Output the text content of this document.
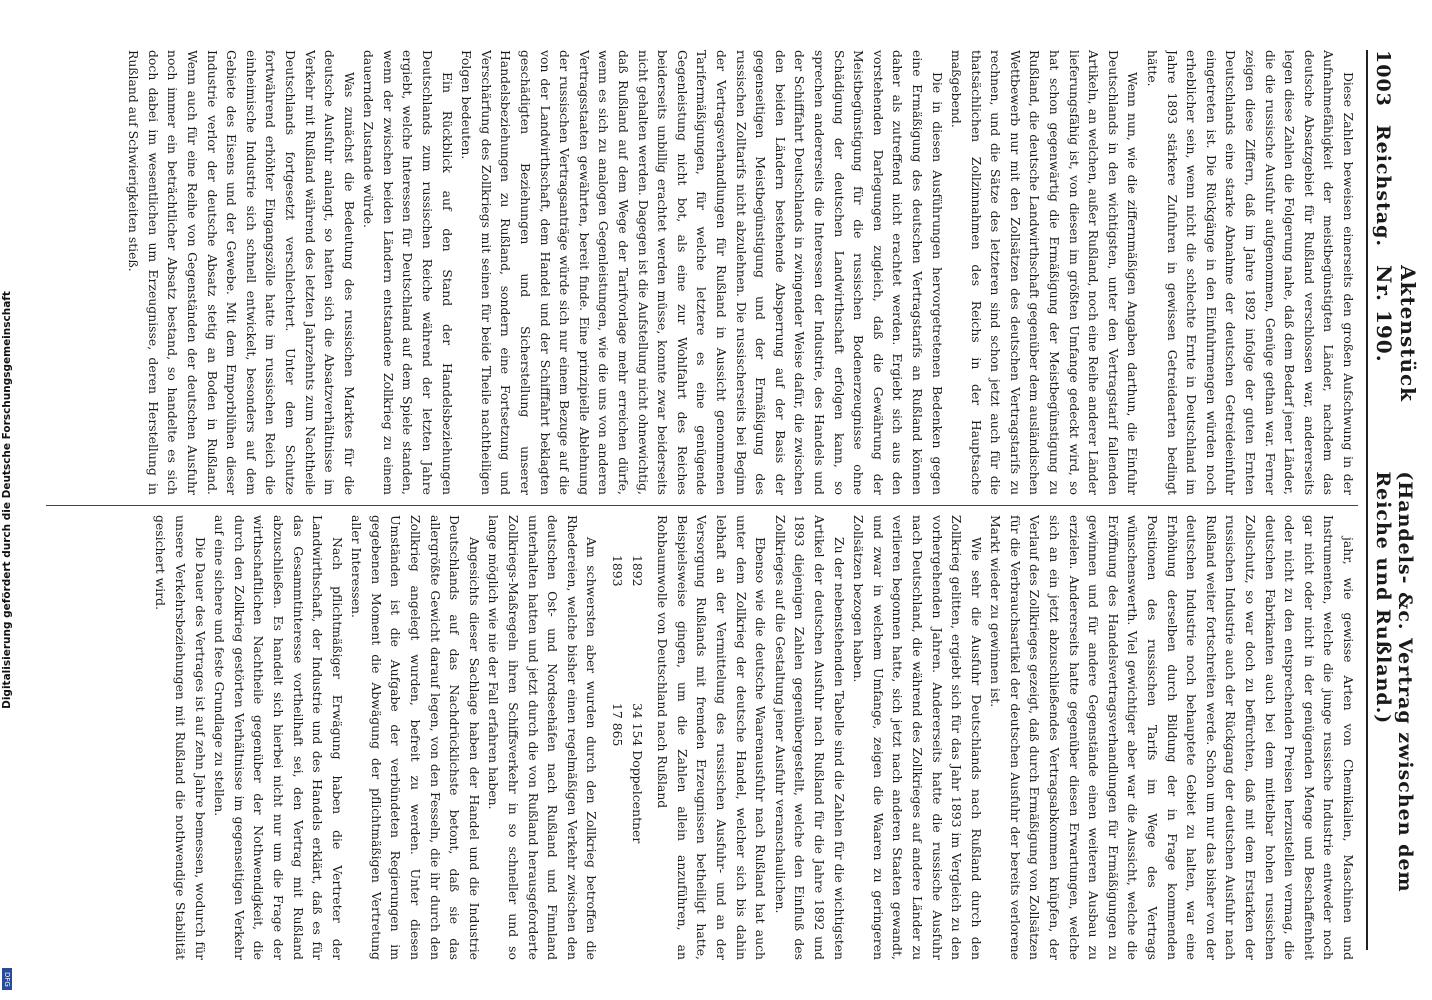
1003
Reichstag.
Aktenstück Nr. 190.
(Handels- &c. Vertrag zwischen dem Reiche und Rußland.)

Diese Zahlen beweisen einerseits den großen Aufschwung in der Aufnahmefähigkeit der meistbegünstigten Länder, nachdem das deutsche Absatzgebiet für Rußland verschlossen war, andererseits legen diese Zahlen die Folgerung nahe, daß dem Bedarf jener Länder, die die russische Ausfuhr aufgenommen, Genüge gethan war. Ferner zeigen diese Ziffern, daß im Jahre 1892 infolge der guten Ernten Deutschlands eine starke Abnahme der deutschen Getreideeinfuhr eingetreten ist. Die Rückgänge in den Einfuhrmengen würden noch erheblicher sein, wenn nicht die schlechte Ernte in Deutschland im Jahre 1893 stärkere Zufuhren in gewissen Getreidearten bedingt hätte.

Wenn nun, wie die ziffernmäßigen Angaben darthun, die Einfuhr Deutschlands in den wichtigsten, unter den Vertragstarif fallenden Artikeln, an welchen, außer Rußland, noch eine Reihe anderer Länder lieferungsfähig ist, von diesen im größten Umfange gedeckt wird, so hat schon gegenwärtig die Ermäßigung der Meistbegünstigung zu Rußland, die deutsche Landwirthschaft gegenüber dem ausländischen Wettbewerb nur mit den Zollsätzen des deutschen Vertragstarifs zu rechnen, und die Sätze des letzteren sind schon jetzt auch für die thatsächlichen Zollzinnahmen des Reichs in der Hauptsache maßgebend.

Die in diesen Ausführungen hervorgetretenen Bedenken gegen eine Ermäßigung des deutschen Vertragstarifs an Rußland können daher als zutreffend nicht erachtet werden. Ergiebt sich aus den vorstehenden Darlegungen zugleich, daß die Gewährung der Meistbegünstigung für die russischen Bodenerzeugnisse ohne Schädigung der deutschen Landwirthschaft erfolgen kann, so sprechen andererseits die Interessen der Industrie, des Handels und der Schifffahrt Deutschlands in zwingender Weise dafür, die zwischen den beiden Ländern bestehende Absperrung auf der Basis der gegenseitigen Meistbegünstigung und der Ermäßigung des russischen Zolltarifs nicht abzulehnen. Die russischerseits bei Beginn der Vertragsverhandlungen für Rußland in Aussicht genommenen Tarifermäßigungen, für welche letztere es eine genügende Gegenleistung nicht bot, als eine zur Wohlfahrt des Reiches beiderseits unbillig erachtet werden müsse, konnte zwar beiderseits nicht gehalten werden. Dagegen ist die Aufstellung nicht ohnewichtig, daß Rußland auf dem Wege der Tarifvorlage mehr erreichen dürfe, wenn es sich zu analogen Gegenleistungen, wie die uns von anderen Vertragsstaaten gewährten, bereit finde. Eine prinzipielle Ablehnung der russischen Vertragsanträge würde sich nur einem Bezuge auf die von der Landwirthschaft, dem Handel und der Schifffahrt beklagten geschädigten Beziehungen und Sicherstellung unserer Handelsbeziehungen zu Rußland, sondern eine Fortsetzung und Verschärfung des Zollkriegs mit seinen für beide Theile nachtheiligen Folgen bedeuten.

Ein Rückblick auf den Stand der Handelsbeziehungen Deutschlands zum russischen Reiche während der letzten Jahre ergiebt, welche Interessen für Deutschland auf dem Spiele standen, wenn der zwischen beiden Ländern entstandene Zollkrieg zu einem dauernden Zustande würde.

Was zunächst die Bedeutung des russischen Marktes für die deutsche Ausfuhr anlangt, so hatten sich die Absatzverhältnisse im Verkehr mit Rußland während des letzten Jahrzehnts zum Nachtheile Deutschlands fortgesetzt verschlechtert. Unter dem Schutze fortwährend erhöhter Eingangszölle hatte im russischen Reich die einheimische Industrie sich schnell entwickelt, besonders auf dem Gebiete des Eisens und der Gewebe. Mit dem Emporblühen dieser Industrie verlor der deutsche Absatz stetig an Boden in Rußland. Wenn auch für eine Reihe von Gegenständen der deutschen Ausfuhr noch immer ein beträchtlicher Absatz bestand, so handelte es sich doch dabei im wesentlichen um Erzeugnisse, deren Herstellung in Rußland auf Schwierigkeiten stieß.

jahr, wie gewisse Arten von Chemikalien, Maschinen und Instrumenten, welche die junge russische Industrie entweder noch gar nicht oder nicht in der genügenden Menge und Beschaffenheit oder nicht zu den entsprechenden Preisen herzustellen vermag, die deutschen Fabrikanten auch bei dem mittelbar hohen russischen Zollschutz, so war doch zu befürchten, daß mit dem Erstarken der russischen Industrie auch der Rückgang der deutschen Ausfuhr nach Rußland weiter fortschreiten werde. Schon um nur das bisher von der deutschen Industrie noch behauptete Gebiet zu halten, war eine Erhöhung derselben durch Bildung der in Frage kommenden Positionen des russischen Tarifs im Wege des Vertrags wünschenswerth. Viel gewichtiger aber war die Aussicht, welche die Eröffnung des Handelsvertragsverhandlungen für Ermäßigungen zu gewinnen und für andere Gegenstände einen weiteren Ausbau zu erzielen. Andererseits hatte gegenüber diesen Erwartungen, welche sich an ein jetzt abzuschließendes Vertragsabkommen knüpfen, der Verlauf des Zollkrieges gezeigt, daß durch Ermäßigung von Zollsätzen für die Verbrauchsartikel der deutschen Ausfuhr der bereits verlorene Markt wieder zu gewinnen ist.

Wie sehr die Ausfuhr Deutschlands nach Rußland durch den Zollkrieg gelitten, ergiebt sich für das Jahr 1893 im Vergleich zu den vorhergehenden Jahren. Andererseits hatte die russische Ausfuhr nach Deutschland, die während des Zollkrieges auf andere Länder zu verlieren begonnen hatte, sich jetzt nach anderen Staaten gewandt, und zwar in welchem Umfange, zeigen die Waaren zu geringeren Zollsätzen bezogen haben.

Zu der nebenstehenden Tabelle sind die Zahlen für die wichtigsten Artikel der deutschen Ausfuhr nach Rußland für die Jahre 1892 und 1893 diejenigen Zahlen gegenübergestellt, welche den Einfluß des Zollkrieges auf die Gestaltung jener Ausfuhr veranschaulichen.

Ebenso wie die deutsche Waarenausfuhr nach Rußland hat auch unter dem Zollkrieg der deutsche Handel, welcher sich bis dahin lebhaft an der Vermittelung des russischen Ausfuhr- und an der Versorgung Rußlands mit fremden Erzeugnissen betheiligt hatte, Beispielsweise gingen, um die Zahlen allein anzuführen, an Rohbaumwolle von Deutschland nach Rußland

1892
34 154 Doppelcentner
1893
17 865

Am schwersten aber wurden durch den Zollkrieg betroffen die Rhedereien, welche bisher einen regelmäßigen Verkehr zwischen den deutschen Ost- und Nordseehäfen nach Rußland und Finnland unterhalten hatten und jetzt durch die von Rußland herausgeforderte Zollkriegs-Maßregeln ihren Schiffsverkehr in so schneller und so lange möglich wie nie der Fall erfahren haben.

Angesichts dieser Sachlage haben der Handel und die Industrie Deutschlands auf das Nachdrücklichste betont, daß sie das allergrößte Gewicht darauf legen, von den Fesseln, die ihr durch den Zollkrieg angelegt wurden, befreit zu werden. Unter diesen Umständen ist die Aufgabe der verbündeten Regierungen im gegebenen Moment die Abwägung der pflichtmäßigen Vertretung aller Interessen.

Nach pflichtmäßiger Erwägung haben die Vertreter der Landwirthschaft, der Industrie und des Handels erklärt, daß es für das Gesammtinteresse vortheilhaft sei, den Vertrag mit Rußland abzuschließen. Es handelt sich hierbei nicht nur um die Frage der wirthschaftlichen Nachtheile gegenüber der Nothwendigkeit, die durch den Zollkrieg gestörten Verhältnisse im gegenseitigen Verkehr auf eine sichere und feste Grundlage zu stellen.

Die Dauer des Vertrages ist auf zehn Jahre bemessen, wodurch für unsere Verkehrsbeziehungen mit Rußland die nothwendige Stabilität gesichert wird.

Digitalisierung gefördert durch die Deutsche Forschungsgemeinschaft
DFG
